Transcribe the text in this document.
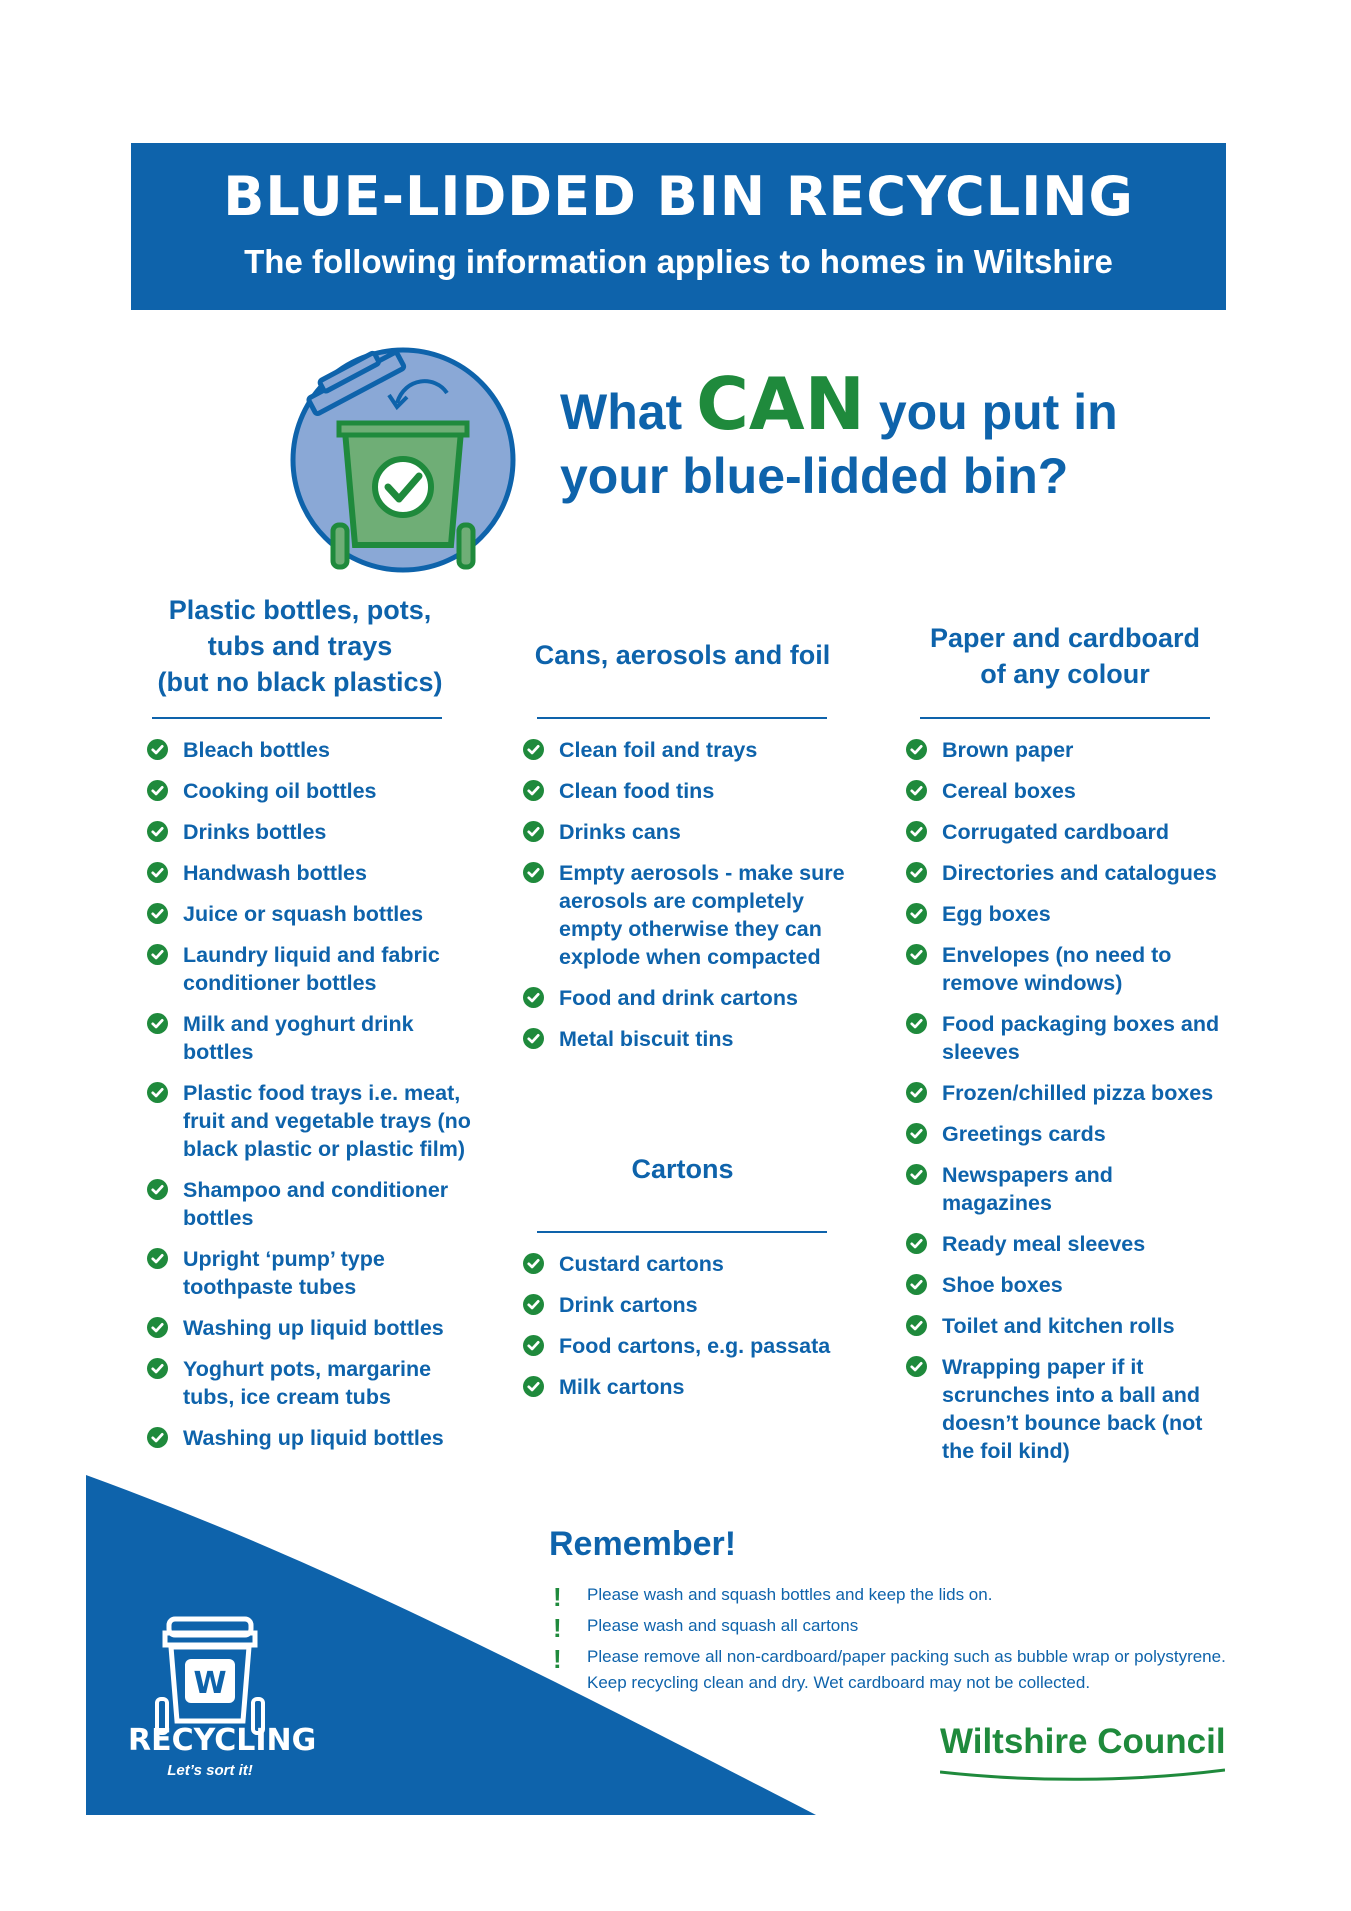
BLUE-LIDDED BIN RECYCLING
The following information applies to homes in Wiltshire
What CAN you put in
your blue-lidded bin?
Plastic bottles, pots,
tubs and trays
(but no black plastics)
Bleach bottles
Cooking oil bottles
Drinks bottles
Handwash bottles
Juice or squash bottles
Laundry liquid and fabric conditioner bottles
Milk and yoghurt drink bottles
Plastic food trays i.e. meat, fruit and vegetable trays (no black plastic or plastic film)
Shampoo and conditioner bottles
Upright ‘pump’ type toothpaste tubes
Washing up liquid bottles
Yoghurt pots, margarine tubs, ice cream tubs
Washing up liquid bottles
Cans, aerosols and foil
Clean foil and trays
Clean food tins
Drinks cans
Empty aerosols - make sure aerosols are completely empty otherwise they can explode when compacted
Food and drink cartons
Metal biscuit tins
Cartons
Custard cartons
Drink cartons
Food cartons, e.g. passata
Milk cartons
Paper and cardboard
of any colour
Brown paper
Cereal boxes
Corrugated cardboard
Directories and catalogues
Egg boxes
Envelopes (no need to remove windows)
Food packaging boxes and sleeves
Frozen/chilled pizza boxes
Greetings cards
Newspapers and magazines
Ready meal sleeves
Shoe boxes
Toilet and kitchen rolls
Wrapping paper if it scrunches into a ball and doesn’t bounce back (not the foil kind)
W
RECYCLING
Let’s sort it!
Remember!
! Please wash and squash bottles and keep the lids on.
! Please wash and squash all cartons
! Please remove all non-cardboard/paper packing such as bubble wrap or polystyrene. Keep recycling clean and dry. Wet cardboard may not be collected.
Wiltshire Council
